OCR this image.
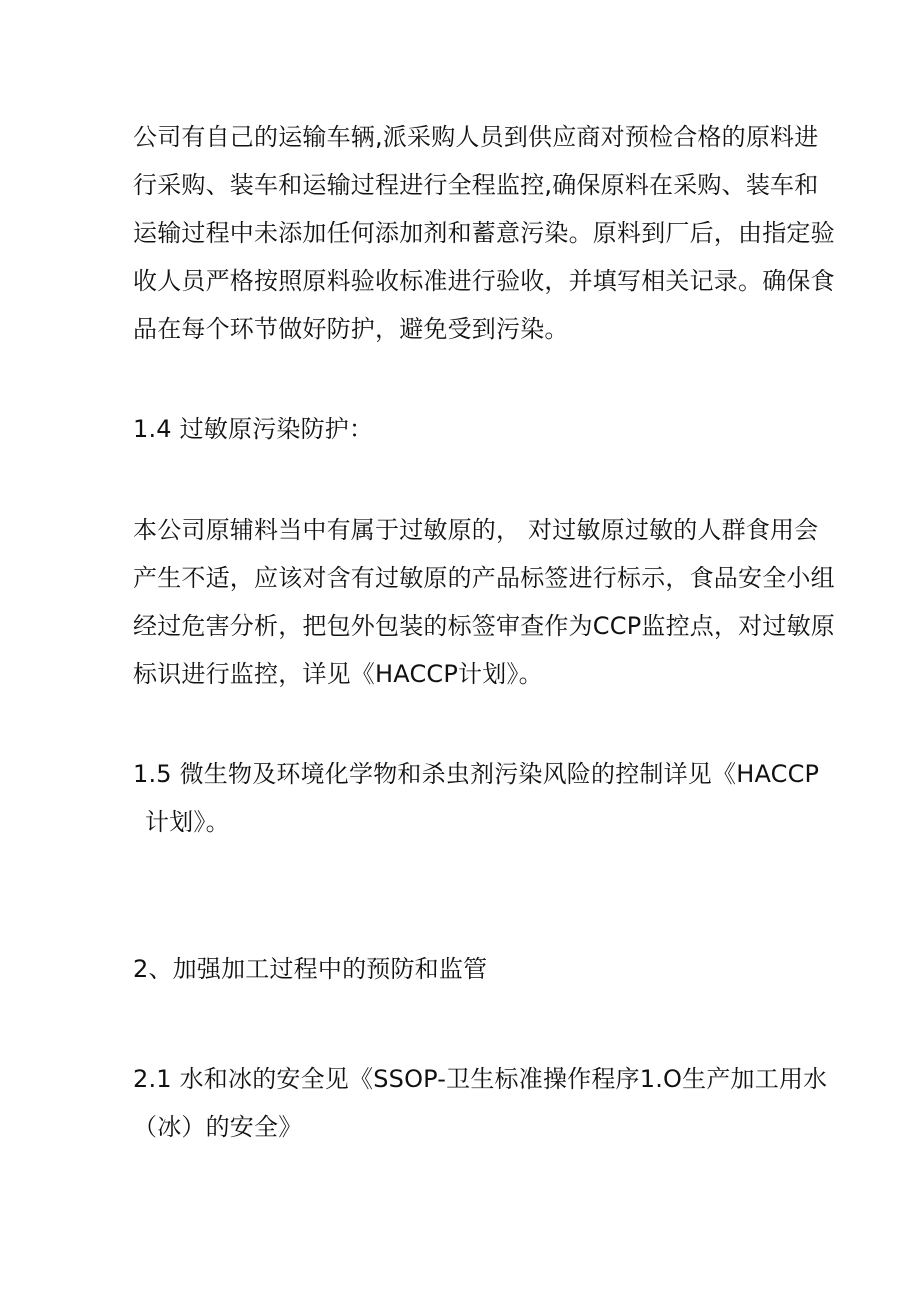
公司有自己的运输车辆,派采购人员到供应商对预检合格的原料进
行采购、装车和运输过程进行全程监控,确保原料在采购、装车和
运输过程中未添加任何添加剂和蓄意污染。原料到厂后，由指定验
收人员严格按照原料验收标准进行验收，并填写相关记录。确保食
品在每个环节做好防护，避免受到污染。
1.4 过敏原污染防护：
本公司原辅料当中有属于过敏原的， 对过敏原过敏的人群食用会
产生不适，应该对含有过敏原的产品标签进行标示，食品安全小组
经过危害分析，把包外包装的标签审查作为CCP监控点，对过敏原
标识进行监控，详见《HACCP计划》。
1.5 微生物及环境化学物和杀虫剂污染风险的控制详见《HACCP
计划》。
2、加强加工过程中的预防和监管
2.1 水和冰的安全见《SSOP-卫生标准操作程序1.O生产加工用水
（冰）的安全》
